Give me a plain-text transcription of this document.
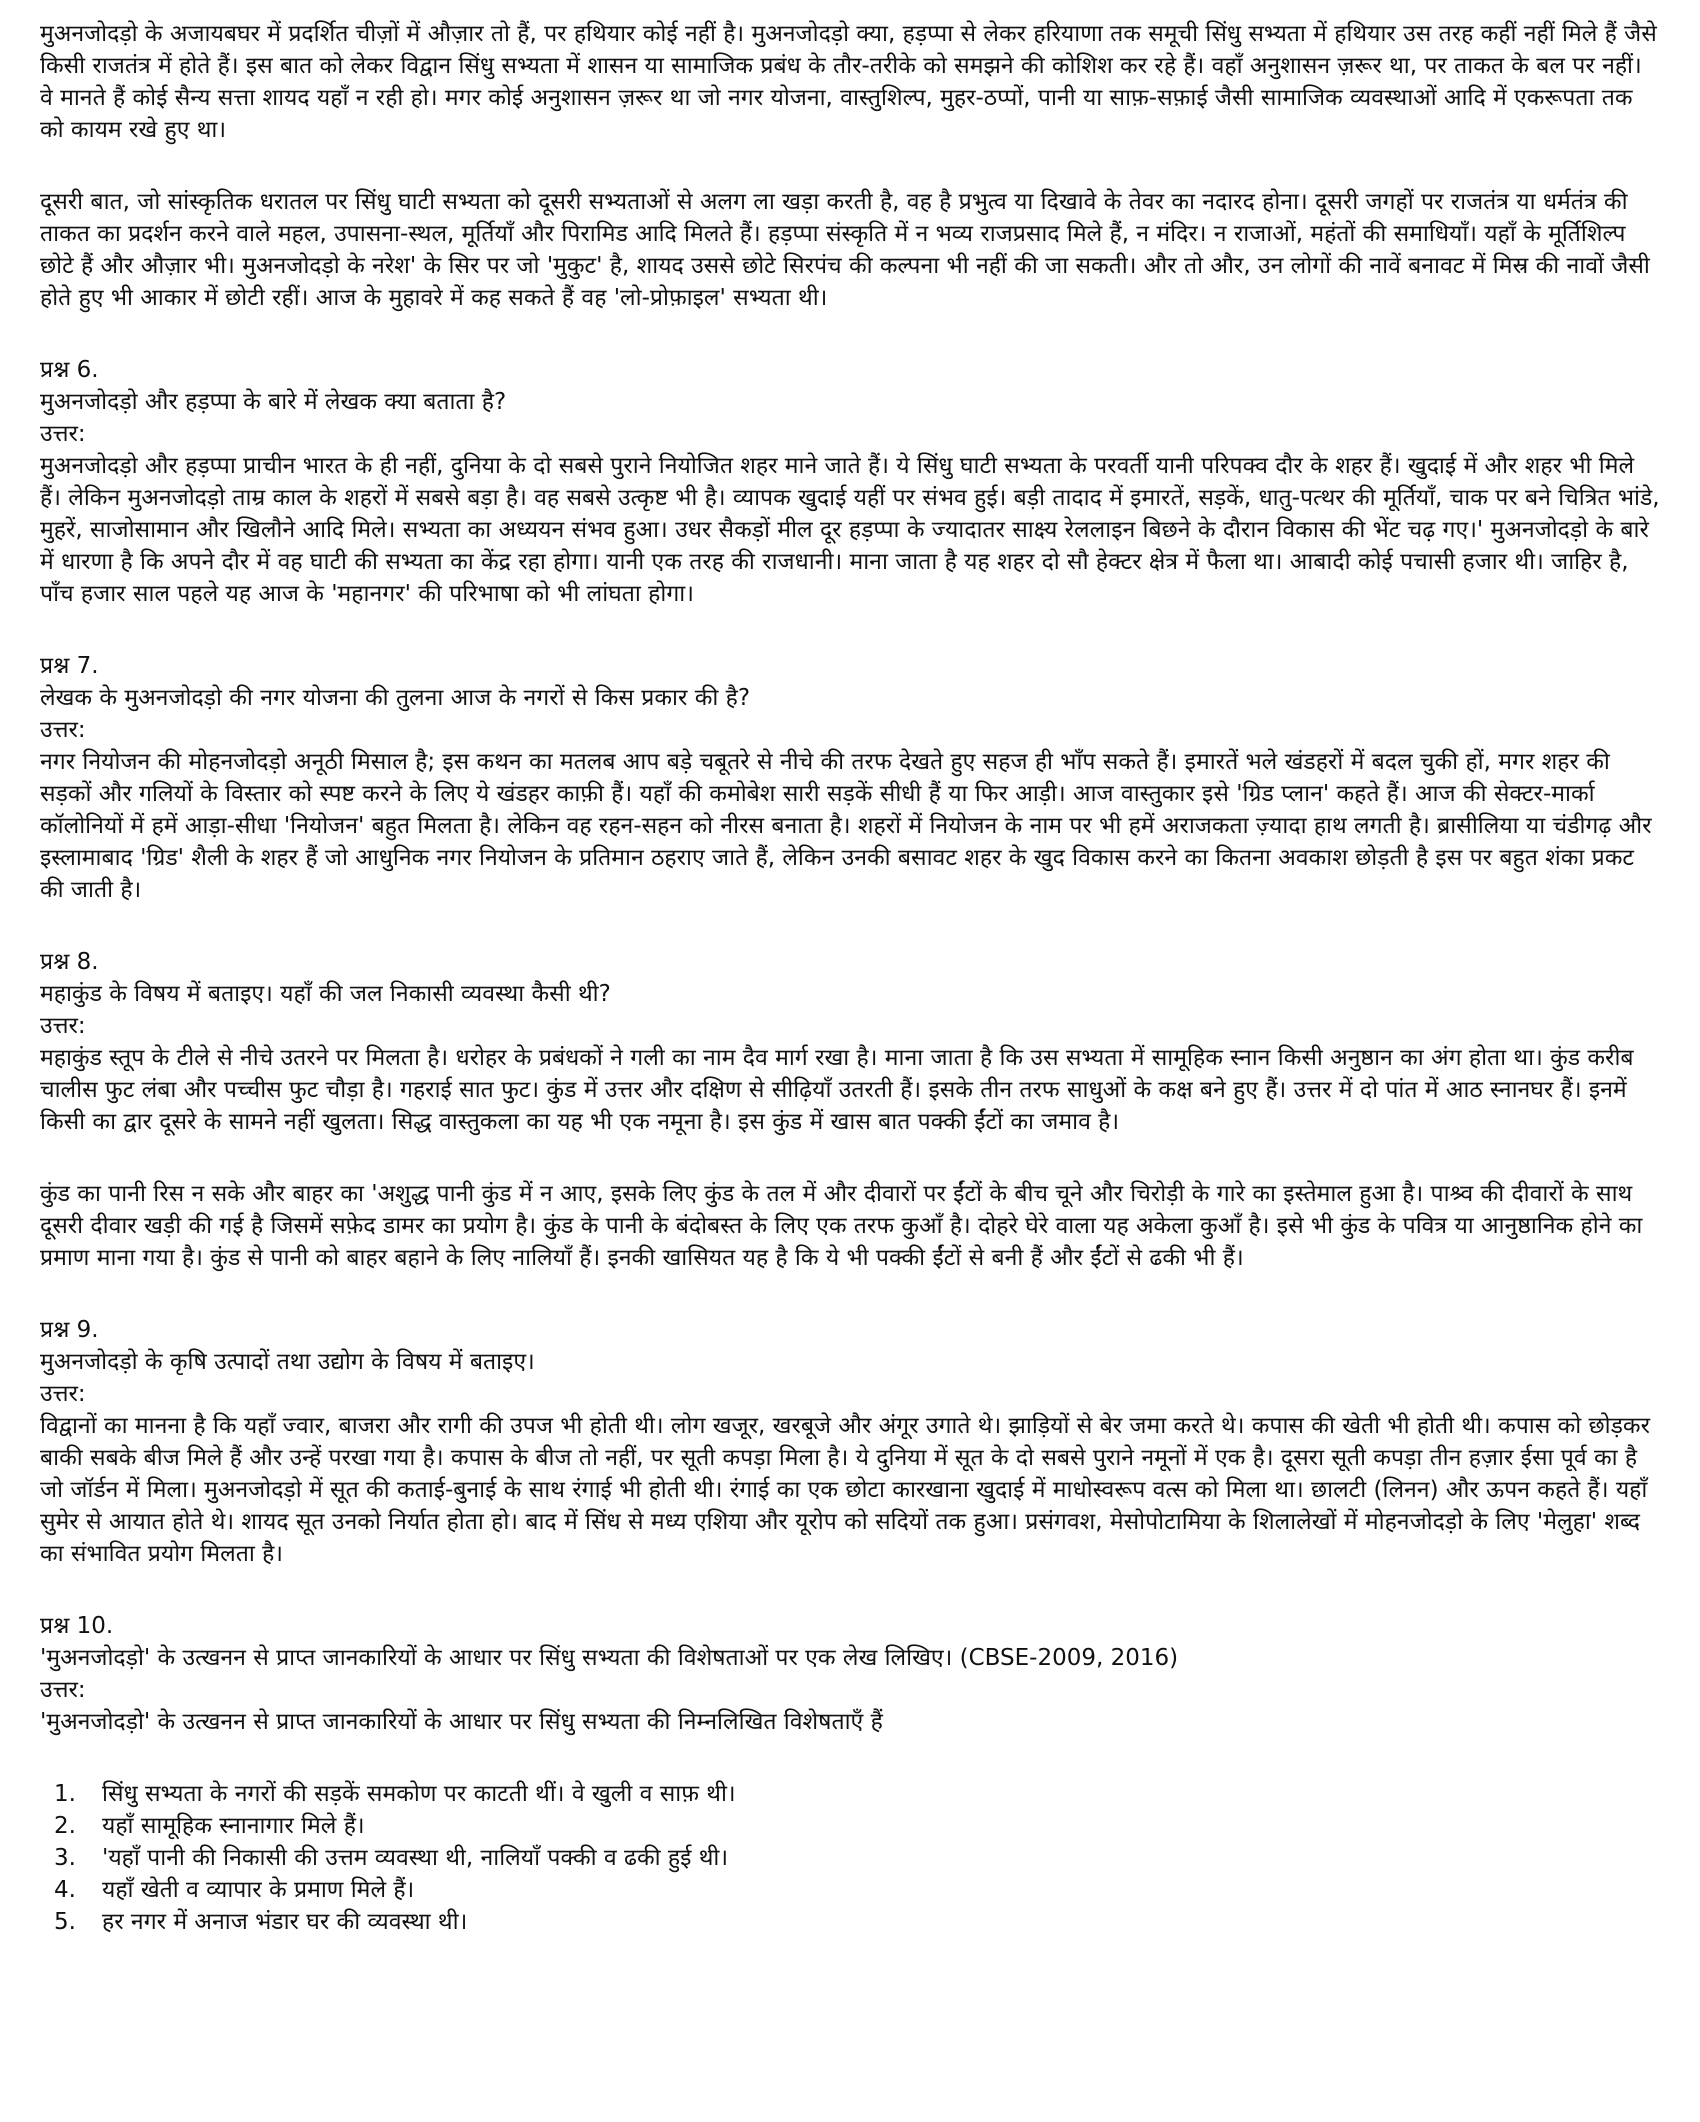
मुअनजोदड़ो के अजायबघर में प्रदर्शित चीज़ों में औज़ार तो हैं, पर हथियार कोई नहीं है। मुअनजोदड़ो क्या, हड़प्पा से लेकर हरियाणा तक समूची सिंधु सभ्यता में हथियार उस तरह कहीं नहीं मिले हैं जैसे किसी राजतंत्र में होते हैं। इस बात को लेकर विद्वान सिंधु सभ्यता में शासन या सामाजिक प्रबंध के तौर-तरीके को समझने की कोशिश कर रहे हैं। वहाँ अनुशासन ज़रूर था, पर ताकत के बल पर नहीं। वे मानते हैं कोई सैन्य सत्ता शायद यहाँ न रही हो। मगर कोई अनुशासन ज़रूर था जो नगर योजना, वास्तुशिल्प, मुहर-ठप्पों, पानी या साफ़-सफ़ाई जैसी सामाजिक व्यवस्थाओं आदि में एकरूपता तक को कायम रखे हुए था।

दूसरी बात, जो सांस्कृतिक धरातल पर सिंधु घाटी सभ्यता को दूसरी सभ्यताओं से अलग ला खड़ा करती है, वह है प्रभुत्व या दिखावे के तेवर का नदारद होना। दूसरी जगहों पर राजतंत्र या धर्मतंत्र की ताकत का प्रदर्शन करने वाले महल, उपासना-स्थल, मूर्तियाँ और पिरामिड आदि मिलते हैं। हड़प्पा संस्कृति में न भव्य राजप्रसाद मिले हैं, न मंदिर। न राजाओं, महंतों की समाधियाँ। यहाँ के मूर्तिशिल्प छोटे हैं और औज़ार भी। मुअनजोदड़ो के नरेश' के सिर पर जो 'मुकुट' है, शायद उससे छोटे सिरपंच की कल्पना भी नहीं की जा सकती। और तो और, उन लोगों की नावें बनावट में मिस्र की नावों जैसी होते हुए भी आकार में छोटी रहीं। आज के मुहावरे में कह सकते हैं वह 'लो-प्रोफ़ाइल' सभ्यता थी।

प्रश्न 6.
मुअनजोदड़ो और हड़प्पा के बारे में लेखक क्या बताता है?
उत्तर:

मुअनजोदड़ो और हड़प्पा प्राचीन भारत के ही नहीं, दुनिया के दो सबसे पुराने नियोजित शहर माने जाते हैं। ये सिंधु घाटी सभ्यता के परवर्ती यानी परिपक्व दौर के शहर हैं। खुदाई में और शहर भी मिले हैं। लेकिन मुअनजोदड़ो ताम्र काल के शहरों में सबसे बड़ा है। वह सबसे उत्कृष्ट भी है। व्यापक खुदाई यहीं पर संभव हुई। बड़ी तादाद में इमारतें, सड़कें, धातु-पत्थर की मूर्तियाँ, चाक पर बने चित्रित भांडे, मुहरें, साजोसामान और खिलौने आदि मिले। सभ्यता का अध्ययन संभव हुआ। उधर सैकड़ों मील दूर हड़प्पा के ज्यादातर साक्ष्य रेललाइन बिछने के दौरान विकास की भेंट चढ़ गए।' मुअनजोदड़ो के बारे में धारणा है कि अपने दौर में वह घाटी की सभ्यता का केंद्र रहा होगा। यानी एक तरह की राजधानी। माना जाता है यह शहर दो सौ हेक्टर क्षेत्र में फैला था। आबादी कोई पचासी हजार थी। जाहिर है, पाँच हजार साल पहले यह आज के 'महानगर' की परिभाषा को भी लांघता होगा।

प्रश्न 7.
लेखक के मुअनजोदड़ो की नगर योजना की तुलना आज के नगरों से किस प्रकार की है?
उत्तर:

नगर नियोजन की मोहनजोदड़ो अनूठी मिसाल है; इस कथन का मतलब आप बड़े चबूतरे से नीचे की तरफ देखते हुए सहज ही भाँप सकते हैं। इमारतें भले खंडहरों में बदल चुकी हों, मगर शहर की सड़कों और गलियों के विस्तार को स्पष्ट करने के लिए ये खंडहर काफ़ी हैं। यहाँ की कमोबेश सारी सड़कें सीधी हैं या फिर आड़ी। आज वास्तुकार इसे 'ग्रिड प्लान' कहते हैं। आज की सेक्टर-मार्का कॉलोनियों में हमें आड़ा-सीधा 'नियोजन' बहुत मिलता है। लेकिन वह रहन-सहन को नीरस बनाता है। शहरों में नियोजन के नाम पर भी हमें अराजकता ज़्यादा हाथ लगती है। ब्रासीलिया या चंडीगढ़ और इस्लामाबाद 'ग्रिड' शैली के शहर हैं जो आधुनिक नगर नियोजन के प्रतिमान ठहराए जाते हैं, लेकिन उनकी बसावट शहर के खुद विकास करने का कितना अवकाश छोड़ती है इस पर बहुत शंका प्रकट की जाती है।

प्रश्न 8.
महाकुंड के विषय में बताइए। यहाँ की जल निकासी व्यवस्था कैसी थी?
उत्तर:

महाकुंड स्तूप के टीले से नीचे उतरने पर मिलता है। धरोहर के प्रबंधकों ने गली का नाम दैव मार्ग रखा है। माना जाता है कि उस सभ्यता में सामूहिक स्नान किसी अनुष्ठान का अंग होता था। कुंड करीब चालीस फुट लंबा और पच्चीस फुट चौड़ा है। गहराई सात फुट। कुंड में उत्तर और दक्षिण से सीढ़ियाँ उतरती हैं। इसके तीन तरफ साधुओं के कक्ष बने हुए हैं। उत्तर में दो पांत में आठ स्नानघर हैं। इनमें किसी का द्वार दूसरे के सामने नहीं खुलता। सिद्ध वास्तुकला का यह भी एक नमूना है। इस कुंड में खास बात पक्की ईंटों का जमाव है।

कुंड का पानी रिस न सके और बाहर का 'अशुद्ध पानी कुंड में न आए, इसके लिए कुंड के तल में और दीवारों पर ईंटों के बीच चूने और चिरोड़ी के गारे का इस्तेमाल हुआ है। पाश्र्व की दीवारों के साथ दूसरी दीवार खड़ी की गई है जिसमें सफ़ेद डामर का प्रयोग है। कुंड के पानी के बंदोबस्त के लिए एक तरफ कुआँ है। दोहरे घेरे वाला यह अकेला कुआँ है। इसे भी कुंड के पवित्र या आनुष्ठानिक होने का प्रमाण माना गया है। कुंड से पानी को बाहर बहाने के लिए नालियाँ हैं। इनकी खासियत यह है कि ये भी पक्की ईंटों से बनी हैं और ईंटों से ढकी भी हैं।

प्रश्न 9.
मुअनजोदड़ो के कृषि उत्पादों तथा उद्योग के विषय में बताइए।
उत्तर:

विद्वानों का मानना है कि यहाँ ज्वार, बाजरा और रागी की उपज भी होती थी। लोग खजूर, खरबूजे और अंगूर उगाते थे। झाड़ियों से बेर जमा करते थे। कपास की खेती भी होती थी। कपास को छोड़कर बाकी सबके बीज मिले हैं और उन्हें परखा गया है। कपास के बीज तो नहीं, पर सूती कपड़ा मिला है। ये दुनिया में सूत के दो सबसे पुराने नमूनों में एक है। दूसरा सूती कपड़ा तीन हज़ार ईसा पूर्व का है जो जॉर्डन में मिला। मुअनजोदड़ो में सूत की कताई-बुनाई के साथ रंगाई भी होती थी। रंगाई का एक छोटा कारखाना खुदाई में माधोस्वरूप वत्स को मिला था। छालटी (लिनन) और ऊपन कहते हैं। यहाँ सुमेर से आयात होते थे। शायद सूत उनको निर्यात होता हो। बाद में सिंध से मध्य एशिया और यूरोप को सदियों तक हुआ। प्रसंगवश, मेसोपोटामिया के शिलालेखों में मोहनजोदड़ो के लिए 'मेलुहा' शब्द का संभावित प्रयोग मिलता है।

प्रश्न 10.
'मुअनजोदड़ो' के उत्खनन से प्राप्त जानकारियों के आधार पर सिंधु सभ्यता की विशेषताओं पर एक लेख लिखिए। (CBSE-2009, 2016)
उत्तर:

'मुअनजोदड़ो' के उत्खनन से प्राप्त जानकारियों के आधार पर सिंधु सभ्यता की निम्नलिखित विशेषताएँ हैं

1.	सिंधु सभ्यता के नगरों की सड़कें समकोण पर काटती थीं। वे खुली व साफ़ थी।
2.	यहाँ सामूहिक स्नानागार मिले हैं।
3.	'यहाँ पानी की निकासी की उत्तम व्यवस्था थी, नालियाँ पक्की व ढकी हुई थी।
4.	यहाँ खेती व व्यापार के प्रमाण मिले हैं।
5.	हर नगर में अनाज भंडार घर की व्यवस्था थी।
